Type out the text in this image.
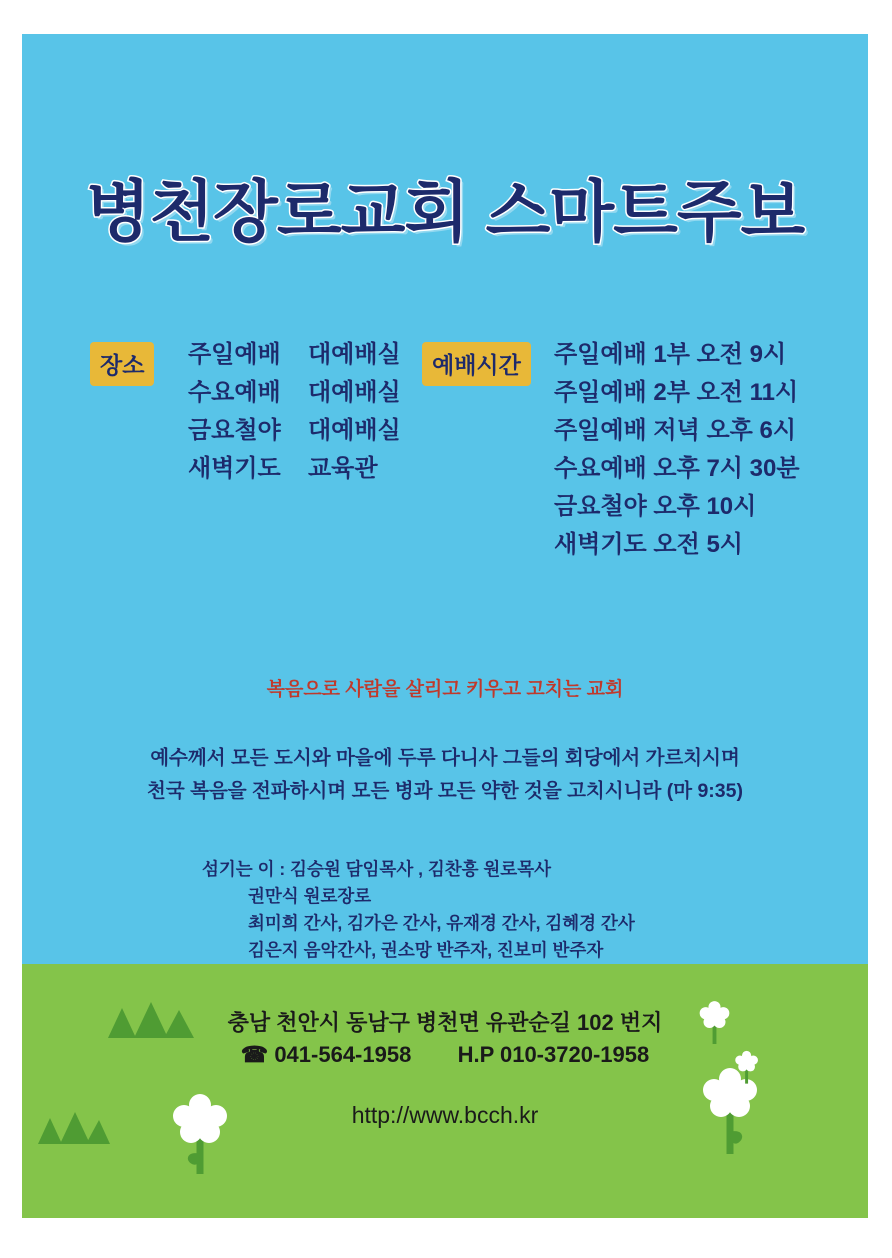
병천장로교회 스마트주보
장소	예배시간
주일예배
수요예배
금요철야
새벽기도
대예배실
대예배실
대예배실
교육관
주일예배 1부 오전 9시
주일예배 2부 오전 11시
주일예배 저녁 오후 6시
수요예배 오후 7시 30분
금요철야 오후 10시
새벽기도 오전 5시
복음으로 사람을 살리고 키우고 고치는 교회
예수께서 모든 도시와 마을에 두루 다니사 그들의 회당에서 가르치시며
천국 복음을 전파하시며 모든 병과 모든 약한 것을 고치시니라 (마 9:35)
섬기는 이 : 김승원 담임목사 , 김찬흥 원로목사
권만식 원로장로
최미희 간사, 김가은 간사, 유재경 간사, 김혜경 간사
김은지 음악간사, 권소망 반주자, 진보미 반주자
충남 천안시 동남구 병천면 유관순길 102 번지
☎ 041-564-1958 H.P 010-3720-1958
http://www.bcch.kr
